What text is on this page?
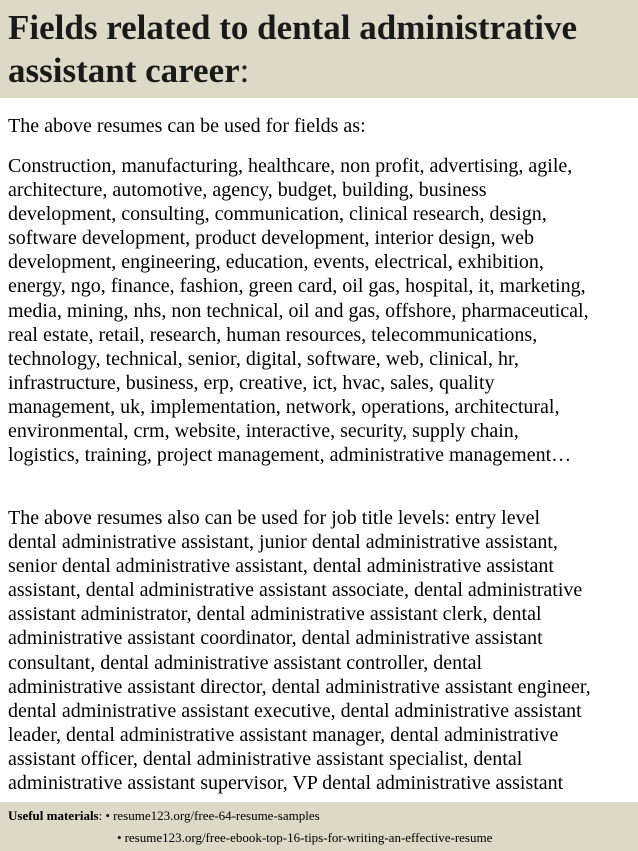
Fields related to dental administrative assistant career:

The above resumes can be used for fields as:

Construction, manufacturing, healthcare, non profit, advertising, agile,
architecture, automotive, agency, budget, building, business
development, consulting, communication, clinical research, design,
software development, product development, interior design, web
development, engineering, education, events, electrical, exhibition,
energy, ngo, finance, fashion, green card, oil gas, hospital, it, marketing,
media, mining, nhs, non technical, oil and gas, offshore, pharmaceutical,
real estate, retail, research, human resources, telecommunications,
technology, technical, senior, digital, software, web, clinical, hr,
infrastructure, business, erp, creative, ict, hvac, sales, quality
management, uk, implementation, network, operations, architectural,
environmental, crm, website, interactive, security, supply chain,
logistics, training, project management, administrative management…

The above resumes also can be used for job title levels: entry level
dental administrative assistant, junior dental administrative assistant,
senior dental administrative assistant, dental administrative assistant
assistant, dental administrative assistant associate, dental administrative
assistant administrator, dental administrative assistant clerk, dental
administrative assistant coordinator, dental administrative assistant
consultant, dental administrative assistant controller, dental
administrative assistant director, dental administrative assistant engineer,
dental administrative assistant executive, dental administrative assistant
leader, dental administrative assistant manager, dental administrative
assistant officer, dental administrative assistant specialist, dental
administrative assistant supervisor, VP dental administrative assistant

Useful materials: • resume123.org/free-64-resume-samples
• resume123.org/free-ebook-top-16-tips-for-writing-an-effective-resume
